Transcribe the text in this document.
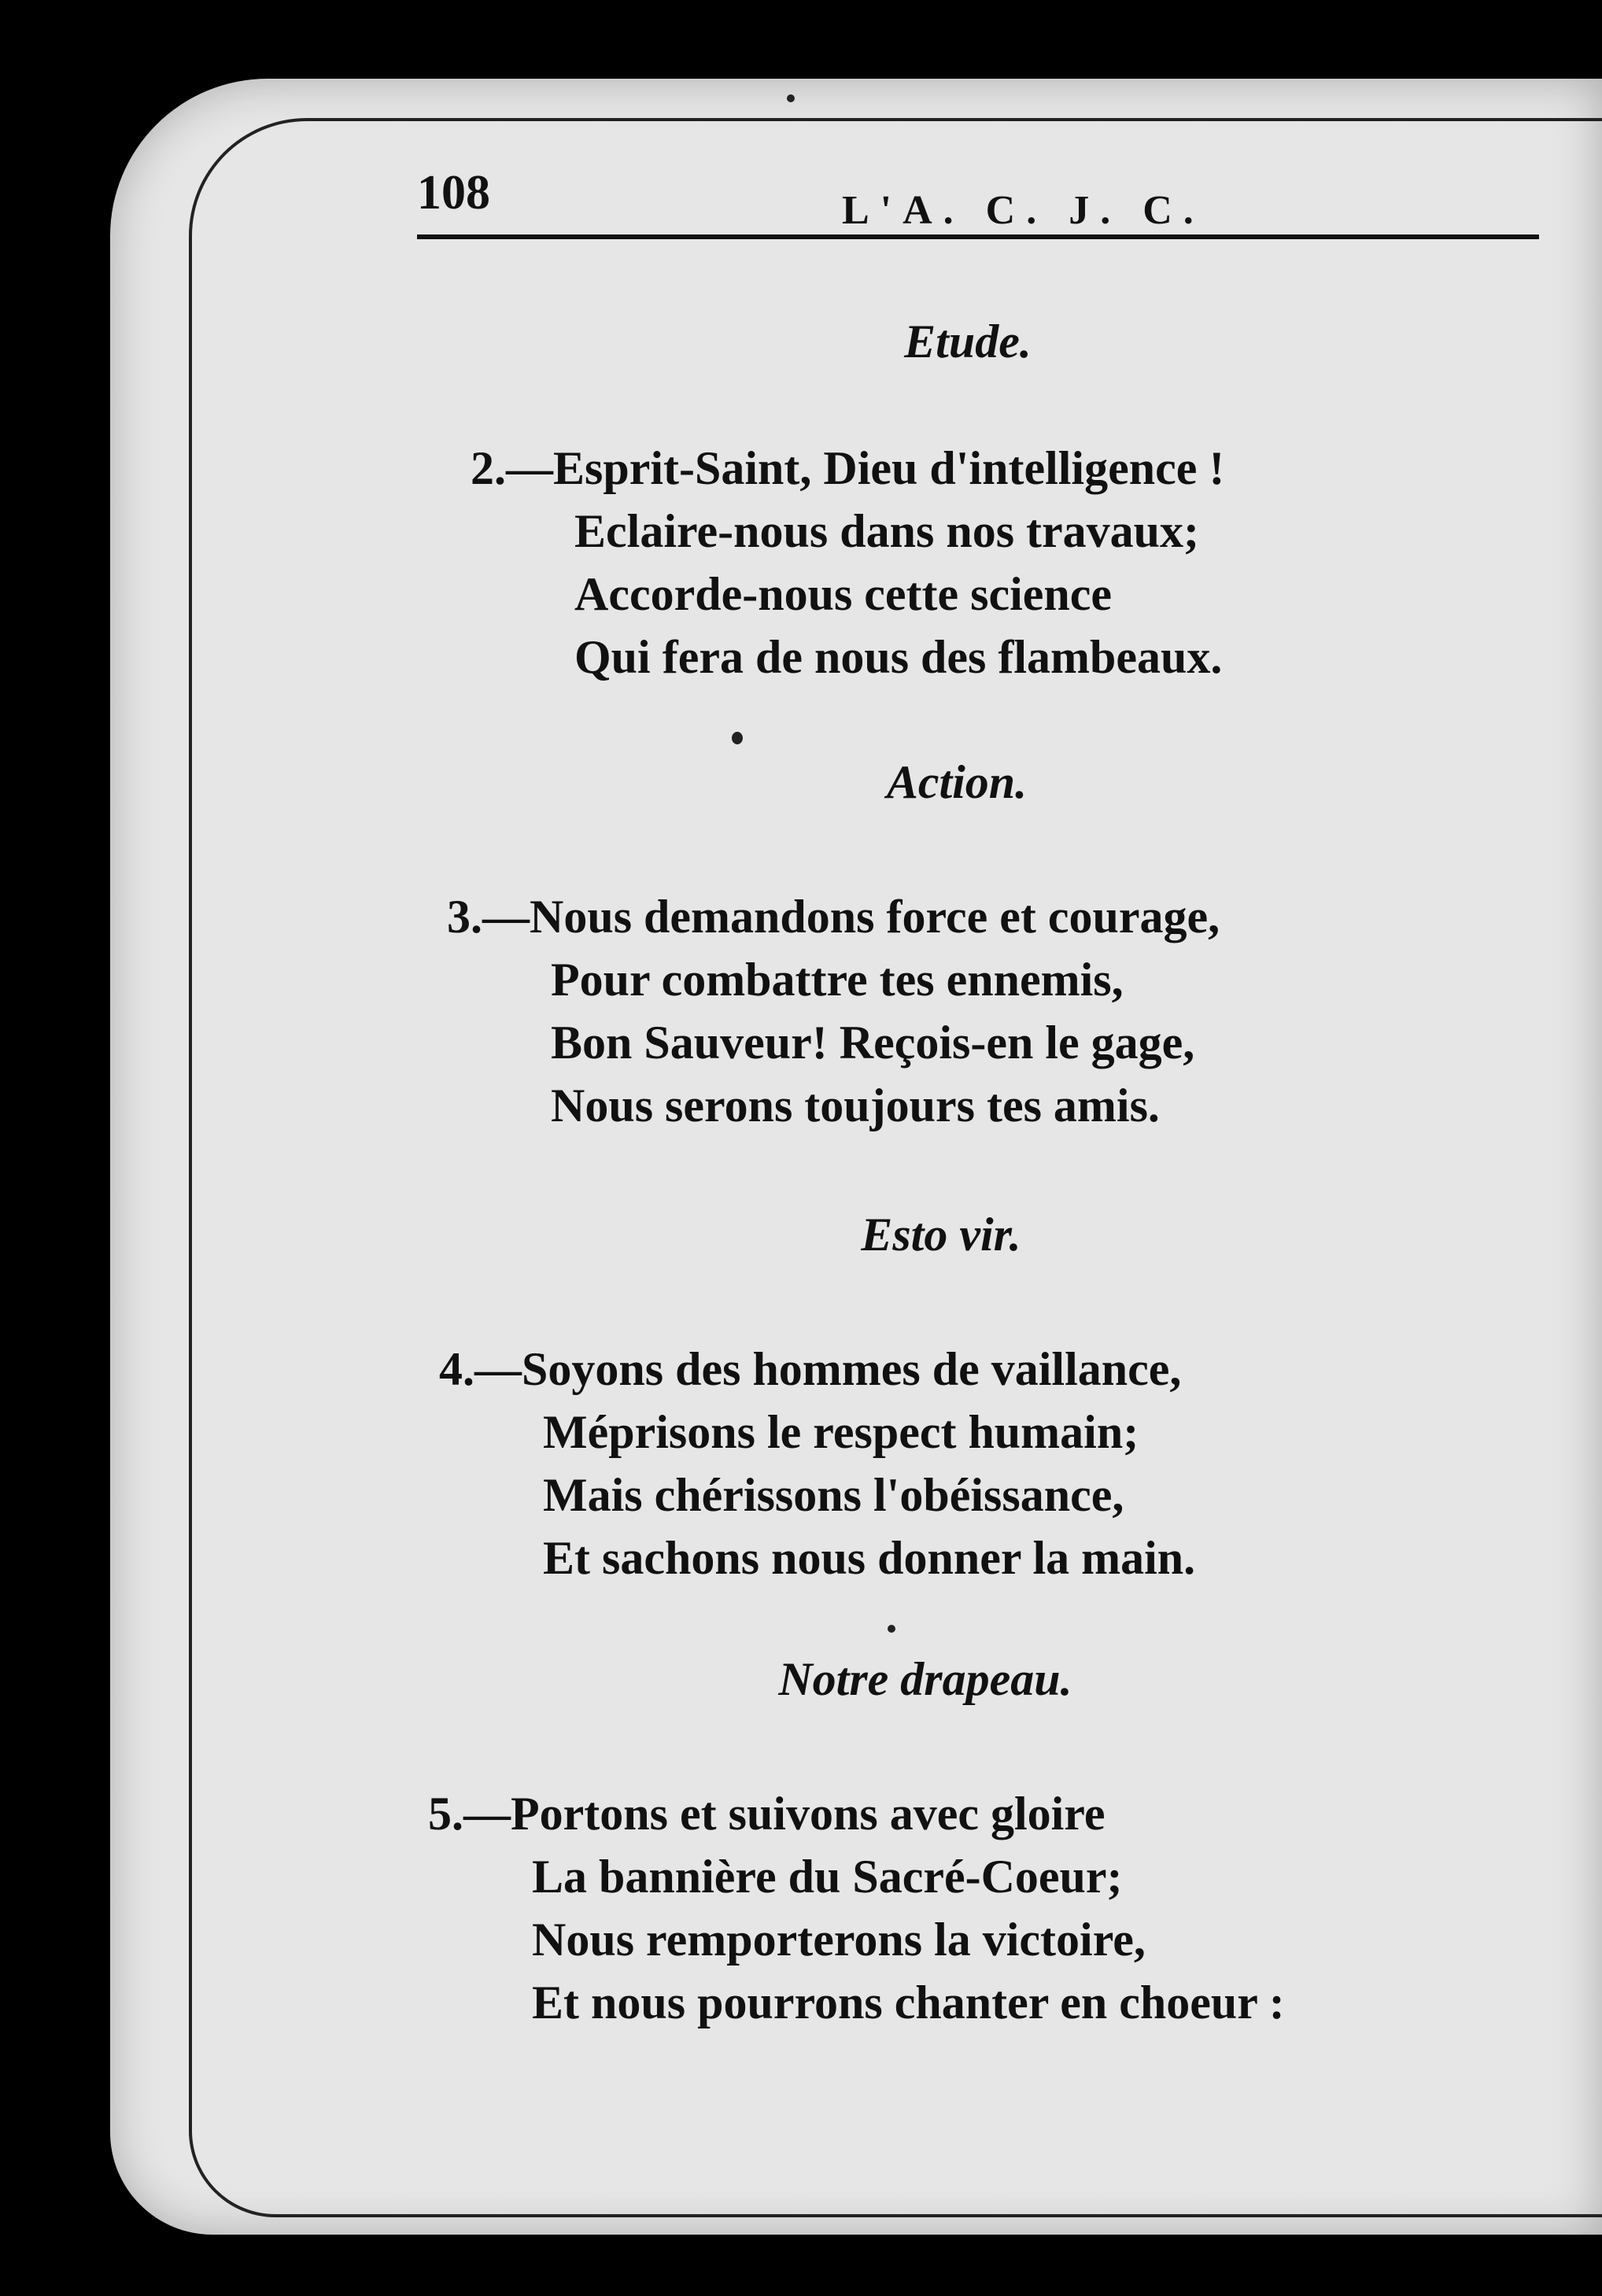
108	L'A. C. J. C.
Etude.
2.—Esprit-Saint, Dieu d'intelligence !
Eclaire-nous dans nos travaux;
Accorde-nous cette science
Qui fera de nous des flambeaux.
Action.
3.—Nous demandons force et courage,
Pour combattre tes ennemis,
Bon Sauveur! Reçois-en le gage,
Nous serons toujours tes amis.
Esto vir.
4.—Soyons des hommes de vaillance,
Méprisons le respect humain;
Mais chérissons l'obéissance,
Et sachons nous donner la main.
Notre drapeau.
5.—Portons et suivons avec gloire
La bannière du Sacré-Coeur;
Nous remporterons la victoire,
Et nous pourrons chanter en choeur :
